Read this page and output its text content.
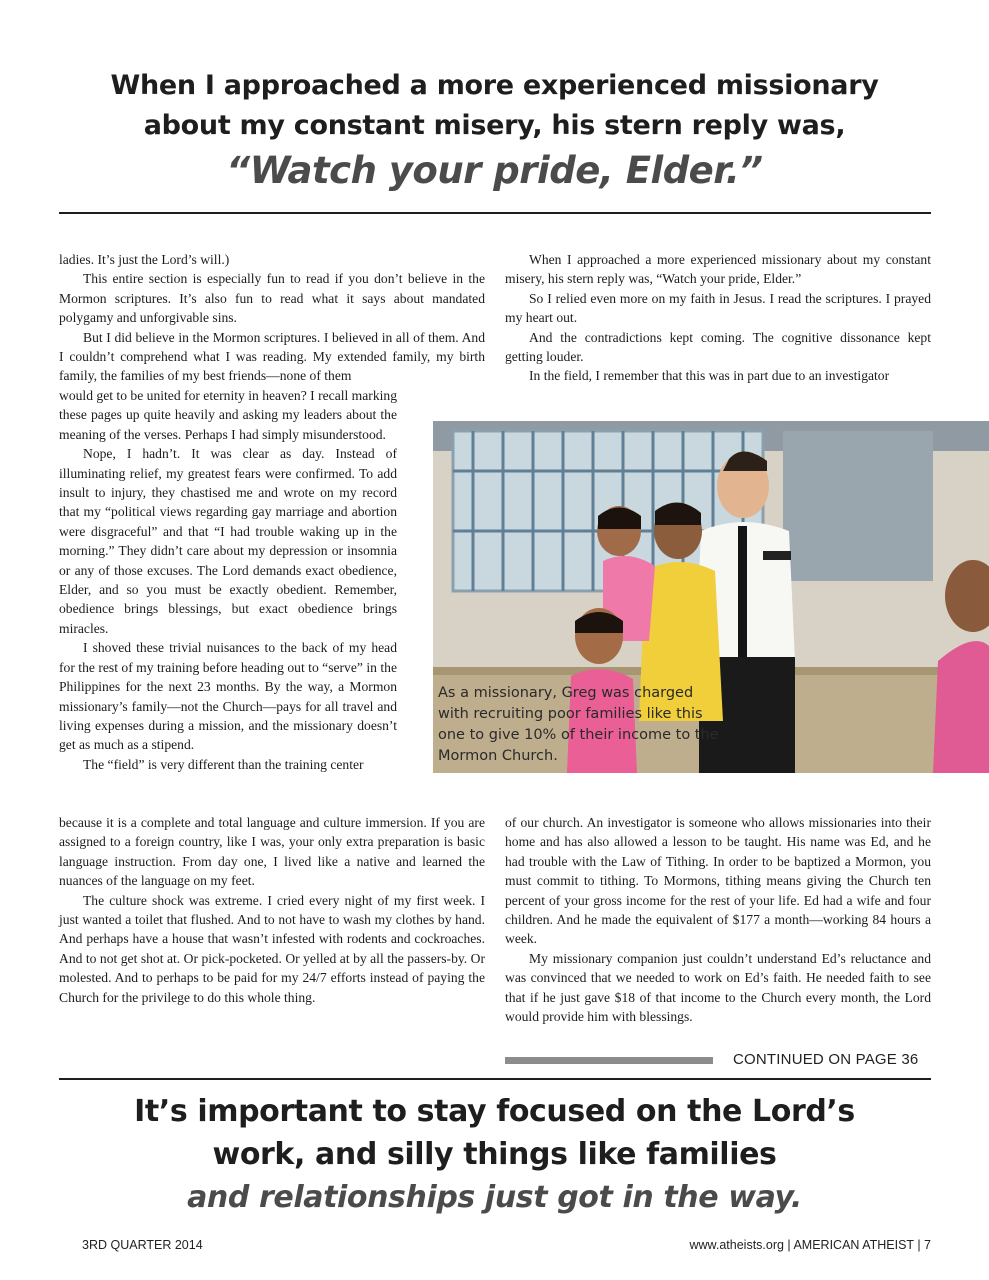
When I approached a more experienced missionary
about my constant misery, his stern reply was,
“Watch your pride, Elder.”

ladies. It’s just the Lord’s will.)

This entire section is especially fun to read if you don’t believe in the Mormon scriptures. It’s also fun to read what it says about mandated polygamy and unforgivable sins.

But I did believe in the Mormon scriptures. I believed in all of them. And I couldn’t comprehend what I was reading. My extended family, my birth family, the families of my best friends—none of them

would get to be united for eternity in heaven? I recall marking these pages up quite heavily and asking my leaders about the meaning of the verses. Perhaps I had simply misunderstood.

Nope, I hadn’t. It was clear as day. Instead of illuminating relief, my greatest fears were confirmed. To add insult to injury, they chastised me and wrote on my record that my “political views regarding gay marriage and abortion were disgraceful” and that “I had trouble waking up in the morning.” They didn’t care about my depression or insomnia or any of those excuses. The Lord demands exact obedience, Elder, and so you must be exactly obedient. Remember, obedience brings blessings, but exact obedience brings miracles.

I shoved these trivial nuisances to the back of my head for the rest of my training before heading out to “serve” in the Philippines for the next 23 months. By the way, a Mormon missionary’s family—not the Church—pays for all travel and living expenses during a mission, and the missionary doesn’t get as much as a stipend.

The “field” is very different than the training center

because it is a complete and total language and culture immersion. If you are assigned to a foreign country, like I was, your only extra preparation is basic language instruction. From day one, I lived like a native and learned the nuances of the language on my feet.

The culture shock was extreme. I cried every night of my first week. I just wanted a toilet that flushed. And to not have to wash my clothes by hand. And perhaps have a house that wasn’t infested with rodents and cockroaches. And to not get shot at. Or pick-pocketed. Or yelled at by all the passers-by. Or molested. And to perhaps to be paid for my 24/7 efforts instead of paying the Church for the privilege to do this whole thing.

When I approached a more experienced missionary about my constant misery, his stern reply was, “Watch your pride, Elder.”

So I relied even more on my faith in Jesus. I read the scriptures. I prayed my heart out.

And the contradictions kept coming. The cognitive dissonance kept getting louder.

In the field, I remember that this was in part due to an investigator

As a missionary, Greg was charged with recruiting poor families like this one to give 10% of their income to the Mormon Church.

of our church. An investigator is someone who allows missionaries into their home and has also allowed a lesson to be taught. His name was Ed, and he had trouble with the Law of Tithing. In order to be baptized a Mormon, you must commit to tithing. To Mormons, tithing means giving the Church ten percent of your gross income for the rest of your life. Ed had a wife and four children. And he made the equivalent of $177 a month—working 84 hours a week.

My missionary companion just couldn’t understand Ed’s reluctance and was convinced that we needed to work on Ed’s faith. He needed faith to see that if he just gave $18 of that income to the Church every month, the Lord would provide him with blessings.

CONTINUED ON PAGE 36
It’s important to stay focused on the Lord’s
work, and silly things like families
and relationships just got in the way.
3RD QUARTER 2014	www.atheists.org | AMERICAN ATHEIST | 7
